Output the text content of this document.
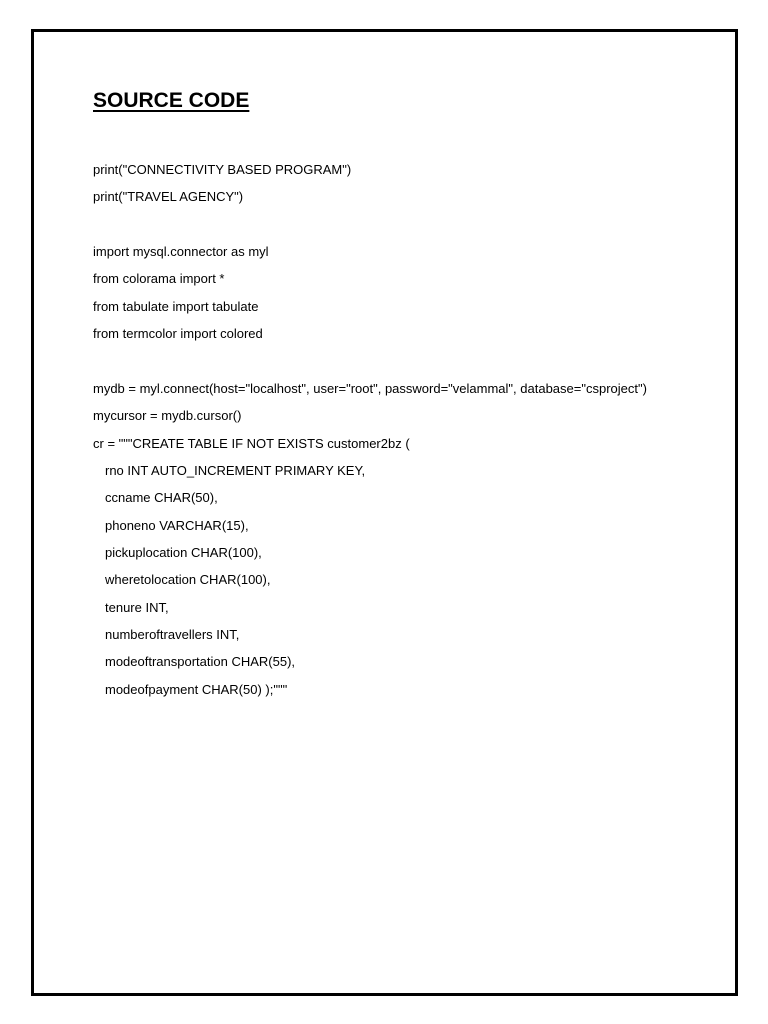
SOURCE CODE

print("CONNECTIVITY BASED PROGRAM")

print("TRAVEL AGENCY")

import mysql.connector as myl

from colorama import *

from tabulate import tabulate

from termcolor import colored

mydb = myl.connect(host="localhost", user="root", password="velammal", database="csproject")

mycursor = mydb.cursor()

cr = """CREATE TABLE IF NOT EXISTS customer2bz (

rno INT AUTO_INCREMENT PRIMARY KEY,

ccname CHAR(50),

phoneno VARCHAR(15),

pickuplocation CHAR(100),

wheretolocation CHAR(100),

tenure INT,

numberoftravellers INT,

modeoftransportation CHAR(55),

modeofpayment CHAR(50) );"""
